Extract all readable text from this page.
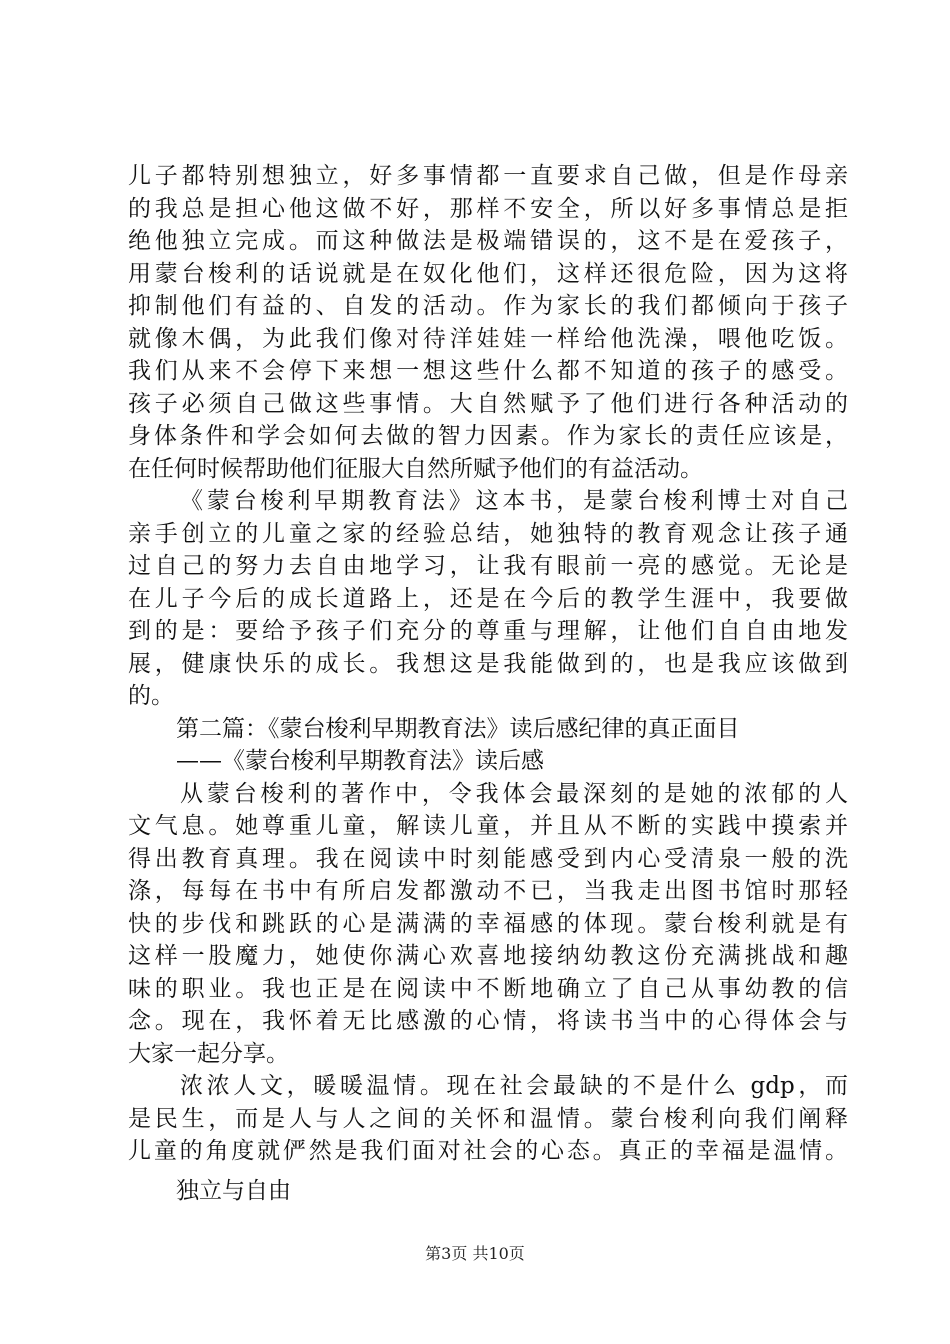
儿子都特别想独立，好多事情都一直要求自己做，但是作母亲
的我总是担心他这做不好，那样不安全，所以好多事情总是拒
绝他独立完成。而这种做法是极端错误的，这不是在爱孩子，
用蒙台梭利的话说就是在奴化他们，这样还很危险，因为这将
抑制他们有益的、自发的活动。作为家长的我们都倾向于孩子
就像木偶，为此我们像对待洋娃娃一样给他洗澡，喂他吃饭。
我们从来不会停下来想一想这些什么都不知道的孩子的感受。
孩子必须自己做这些事情。大自然赋予了他们进行各种活动的
身体条件和学会如何去做的智力因素。作为家长的责任应该是，
在任何时候帮助他们征服大自然所赋予他们的有益活动。
《蒙台梭利早期教育法》这本书，是蒙台梭利博士对自己
亲手创立的儿童之家的经验总结，她独特的教育观念让孩子通
过自己的努力去自由地学习，让我有眼前一亮的感觉。无论是
在儿子今后的成长道路上，还是在今后的教学生涯中，我要做
到的是：要给予孩子们充分的尊重与理解，让他们自自由地发
展，健康快乐的成长。我想这是我能做到的，也是我应该做到
的。
第二篇：《蒙台梭利早期教育法》读后感纪律的真正面目
——《蒙台梭利早期教育法》读后感
从蒙台梭利的著作中，令我体会最深刻的是她的浓郁的人
文气息。她尊重儿童，解读儿童，并且从不断的实践中摸索并
得出教育真理。我在阅读中时刻能感受到内心受清泉一般的洗
涤，每每在书中有所启发都激动不已，当我走出图书馆时那轻
快的步伐和跳跃的心是满满的幸福感的体现。蒙台梭利就是有
这样一股魔力，她使你满心欢喜地接纳幼教这份充满挑战和趣
味的职业。我也正是在阅读中不断地确立了自己从事幼教的信
念。现在，我怀着无比感激的心情，将读书当中的心得体会与
大家一起分享。
浓浓人文，暖暖温情。现在社会最缺的不是什么 gdp，而
是民生，而是人与人之间的关怀和温情。蒙台梭利向我们阐释
儿童的角度就俨然是我们面对社会的心态。真正的幸福是温情。
独立与自由
第3页 共10页
